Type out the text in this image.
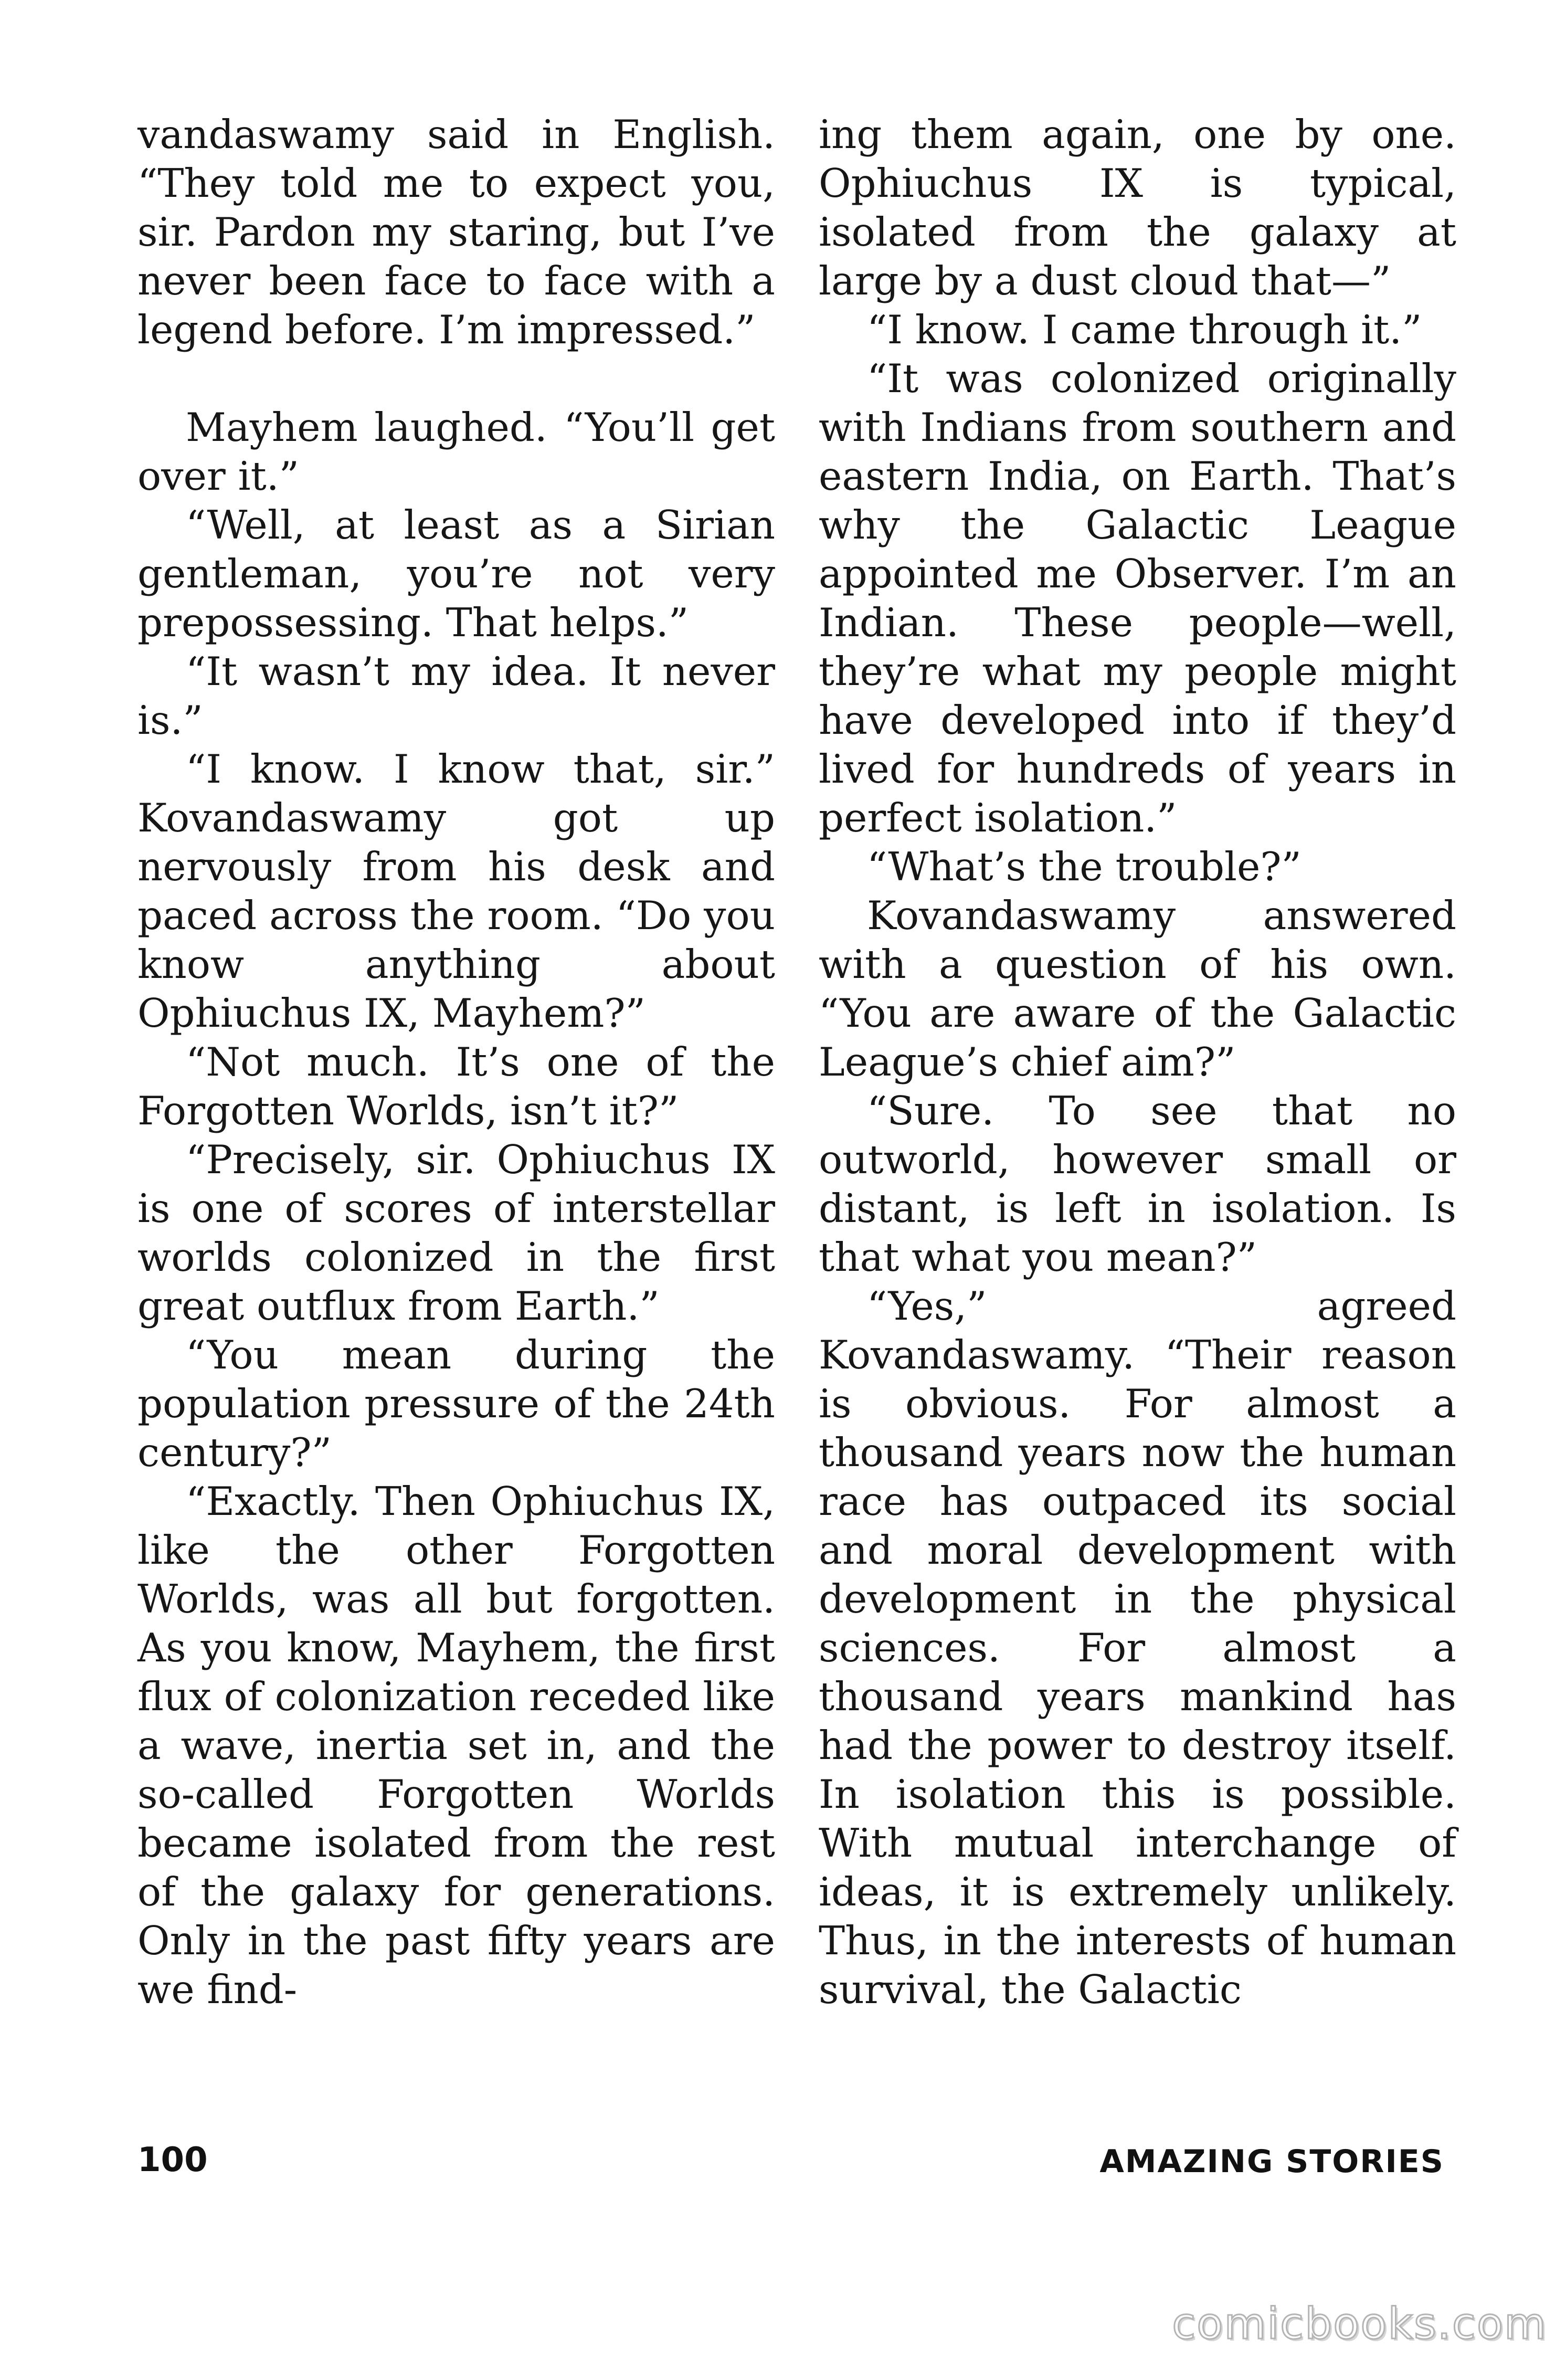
vandaswamy said in English. “They told me to expect you, sir. Pardon my staring, but I’ve never been face to face with a legend before. I’m impressed.”

Mayhem laughed. “You’ll get over it.”

“Well, at least as a Sirian gentleman, you’re not very prepossessing. That helps.”

“It wasn’t my idea. It never is.”

“I know. I know that, sir.” Kovandaswamy got up nervously from his desk and paced across the room. “Do you know anything about Ophiuchus IX, Mayhem?”

“Not much. It’s one of the Forgotten Worlds, isn’t it?”

“Precisely, sir. Ophiuchus IX is one of scores of interstellar worlds colonized in the first great outflux from Earth.”

“You mean during the population pressure of the 24th century?”

“Exactly. Then Ophiuchus IX, like the other Forgotten Worlds, was all but forgotten. As you know, Mayhem, the first flux of colonization receded like a wave, inertia set in, and the so-called Forgotten Worlds became isolated from the rest of the galaxy for generations. Only in the past fifty years are we find-

ing them again, one by one. Ophiuchus IX is typical, isolated from the galaxy at large by a dust cloud that—”

“I know. I came through it.”

“It was colonized originally with Indians from southern and eastern India, on Earth. That’s why the Galactic League appointed me Observer. I’m an Indian. These people—well, they’re what my people might have developed into if they’d lived for hundreds of years in perfect isolation.”

“What’s the trouble?”

Kovandaswamy answered with a question of his own. “You are aware of the Galactic League’s chief aim?”

“Sure. To see that no outworld, however small or distant, is left in isolation. Is that what you mean?”

“Yes,” agreed Kovandaswamy. “Their reason is obvious. For almost a thousand years now the human race has outpaced its social and moral development with development in the physical sciences. For almost a thousand years mankind has had the power to destroy itself. In isolation this is possible. With mutual interchange of ideas, it is extremely unlikely. Thus, in the interests of human survival, the Galactic

100	AMAZING STORIES
comicbooks.com
